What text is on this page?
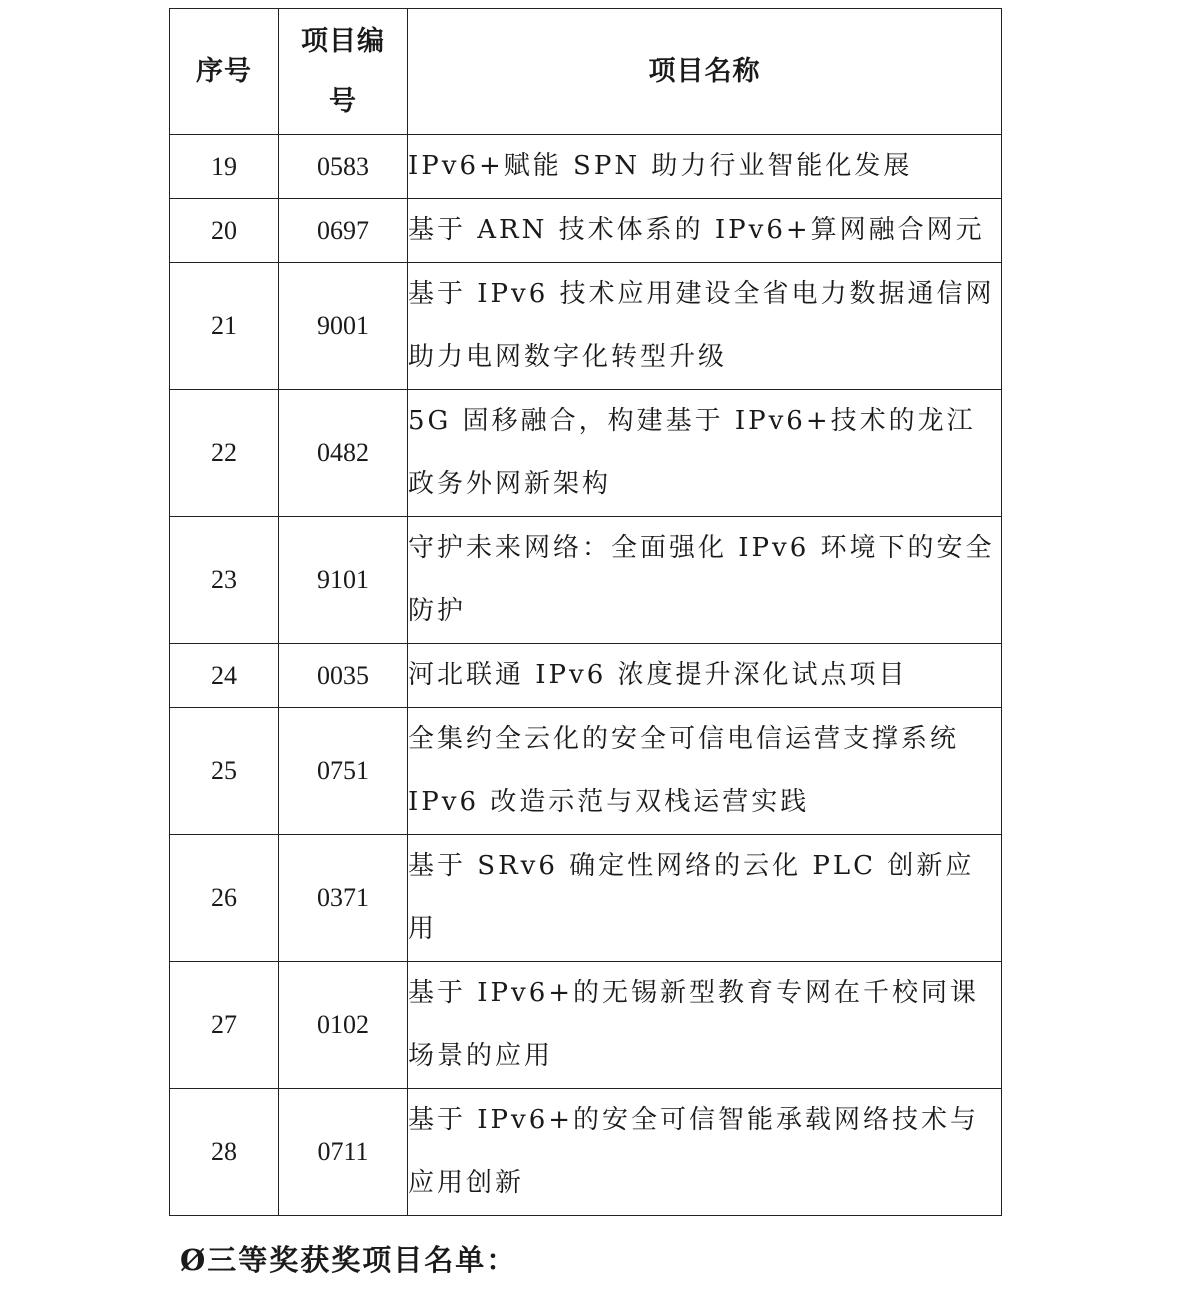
序号	项目编号	项目名称
19	0583	IPv6+赋能 SPN 助力行业智能化发展
20	0697	基于 ARN 技术体系的 IPv6+算网融合网元
21	9001	基于 IPv6 技术应用建设全省电力数据通信网助力电网数字化转型升级
22	0482	5G 固移融合，构建基于 IPv6+技术的龙江政务外网新架构
23	9101	守护未来网络：全面强化 IPv6 环境下的安全防护
24	0035	河北联通 IPv6 浓度提升深化试点项目
25	0751	全集约全云化的安全可信电信运营支撑系统 IPv6 改造示范与双栈运营实践
26	0371	基于 SRv6 确定性网络的云化 PLC 创新应用
27	0102	基于 IPv6+的无锡新型教育专网在千校同课场景的应用
28	0711	基于 IPv6+的安全可信智能承载网络技术与应用创新
Ø三等奖获奖项目名单：
